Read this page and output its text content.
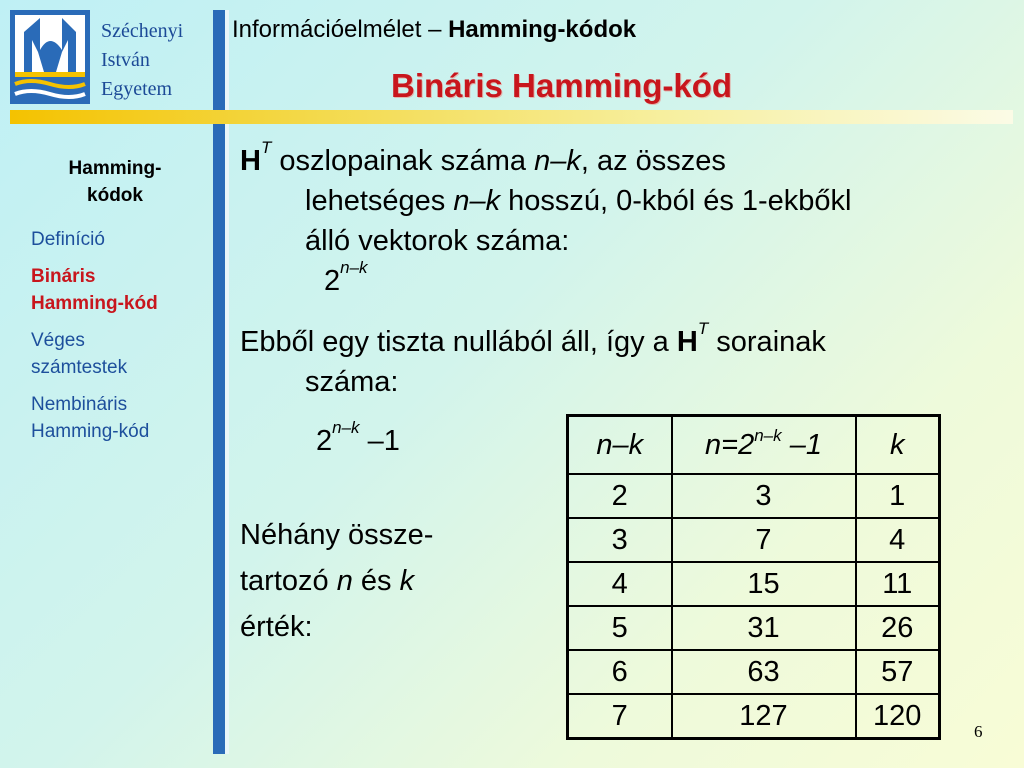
Széchenyi
István
Egyetem
Információelmélet – Hamming-kódok
Bináris Hamming-kód
Hamming-
kódok
Definíció
Bináris
Hamming-kód
Véges
számtestek
Nembináris
Hamming-kód
$H^T$ oszlopainak száma n–k, az összes
lehetséges n–k hosszú, 0-kból és 1-ekbőkl
álló vektorok száma:
2$^{n-k}$
Ebből egy tiszta nullából áll, így a $H^T$ sorainak
száma:
2$^{n-k}$ –1
Néhány össze-
tartozó n és k
érték:
n–k	$n=2^{n-k}$ –1	k
2	3	1
3	7	4
4	15	11
5	31	26
6	63	57
7	127	120	6
